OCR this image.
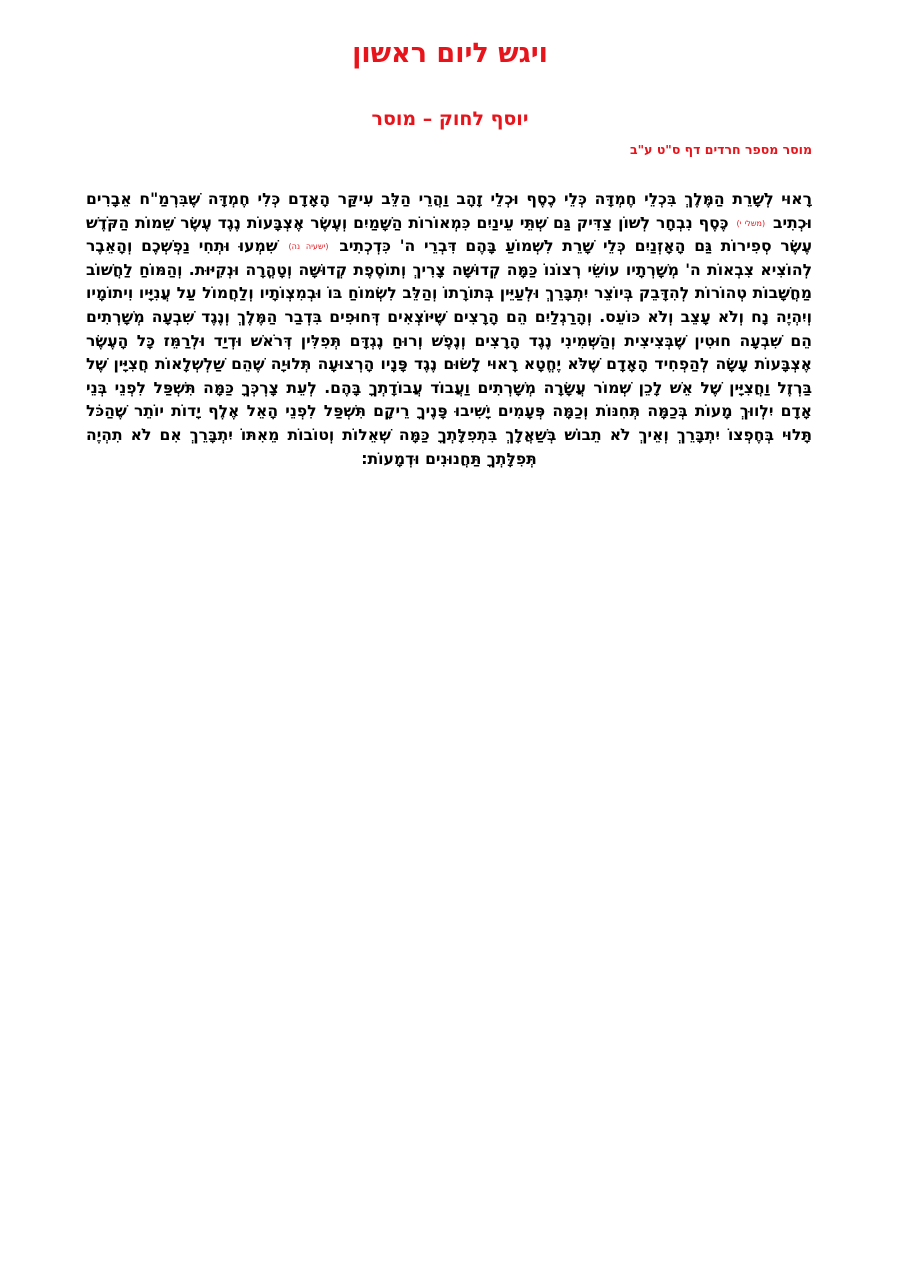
ויגש ליום ראשון
יוסף לחוק – מוסר

מוסר מספר חרדים דף ס"ט ע"ב

רָאוּי לְשָׁרֵת הַמֶּלֶךְ בִּכְלֵי חֶמְדָּה כְּלֵי כֶסֶף וּכְלֵי זָהָב וַהֲרֵי הַלֵּב עִיקַּר הָאָדָם כְּלִי חֶמְדָּה שֶׁבִּרְמַ"ח אֵבָרִים וּכְתִיב (משלי י) כֶּסֶף נִבְחָר לְשׁוֹן צַדִּיק גַּם שְׁתֵּי עֵינַיִם כִּמְאוֹרוֹת הַשָּׁמַיִם וְעֶשֶׂר אֶצְבָּעוֹת נֶגֶד עֶשֶׂר שֵׁמוֹת הַקֹּדֶשׁ עֶשֶׂר סְפִירוֹת גַּם הָאָזְנַיִם כְּלֵי שָׁרֵת לִשְׁמוֹעַ בָּהֶם דִּבְרֵי ה' כִּדְכְתִיב (ישעיה נה) שִׁמְעוּ וּתְחִי נַפְשְׁכֶם וְהָאֵבֶר לְהוֹצִיא צִבְאוֹת ה' מְשָׁרְתָיו עוֹשֵׂי רְצוֹנוֹ כַּמָּה קְדוּשָּׁה צָרִיךְ וְתוֹסֶפֶת קְדוּשָּׁה וְטָהֳרָה וּנְקִיּוּת. וְהַמּוֹחַ לַחֲשׁוֹב מַחֲשָׁבוֹת טְהוֹרוֹת לְהִדָּבֵק בְּיוֹצֵר יִתְבָּרֵךְ וּלְעַיֵּין בְּתוֹרָתוֹ וְהַלֵּב לִשְׂמוֹחַ בּוֹ וּבְמִצְוֹתָיו וְלַחֲמוֹל עַל עֲנִיָּיו וִיתוֹמָיו וְיִהְיֶה נָח וְלֹא עָצֵב וְלֹא כּוֹעֵס. וְהָרַגְלַיִם הֵם הָרָצִים שֶׁיּוֹצְאִים דְּחוּפִים בִּדְבַר הַמֶּלֶךְ וְנֶגֶד שִׁבְעָה מְשָׁרְתִים הֵם שִׁבְעָה חוּטִין שֶׁבְּצִיצִית וְהַשְּׁמִינִי נֶגֶד הָרָצִים וְנֶפֶשׁ וְרוּחַ נֶגְדָּם תְּפִלִּין דְּרֹאשׁ וּדְיַד וּלְרַמֵּז כָּל הָעֶשֶׂר אֶצְבָּעוֹת עָשָׂה לְהַפְחִיד הָאָדָם שֶׁלֹּא יֶחֱטָא רָאוּי לָשׂוּם נֶגֶד פָּנָיו הָרְצוּעָה תְּלוּיָה שֶׁהֵם שַׁלְשְׁלָאוֹת חֲצִיָּין שֶׁל בַּרְזֶל וַחֲצִיָּין שֶׁל אֵשׁ לָכֵן שְׁמוֹר עֲשָׂרָה מְשָׁרְתִים וַעֲבוֹד עֲבוֹדָתְךָ בָּהֶם. לְעֵת צָרְכְּךָ כַּמָּה תִּשְׁפַּל לִפְנֵי בְּנֵי אָדָם יִלְווּךְ מָעוֹת בְּכַמָּה תְּחִנּוֹת וְכַמָּה פְּעָמִים יָשִׁיבוּ פָּנֶיךָ רֵיקָם תִּשְׁפַּל לִפְנֵי הָאֵל אֶלֶף יָדוֹת יוֹתֵר שֶׁהַכֹּל תָּלוּי בְּחֶפְצוֹ יִתְבָּרֵךְ וְאֵיךְ לֹא תֵבוֹשׁ בְּשַׁאֲלָךְ בִּתְפִלָּתְךָ כַּמָּה שְׁאֵלוֹת וְטוֹבוֹת מֵאִתּוֹ יִתְבָּרֵךְ אִם לֹא תִהְיֶה תְּפִלָּתְךָ תַּחֲנוּנִים וּדְמָעוֹת:
